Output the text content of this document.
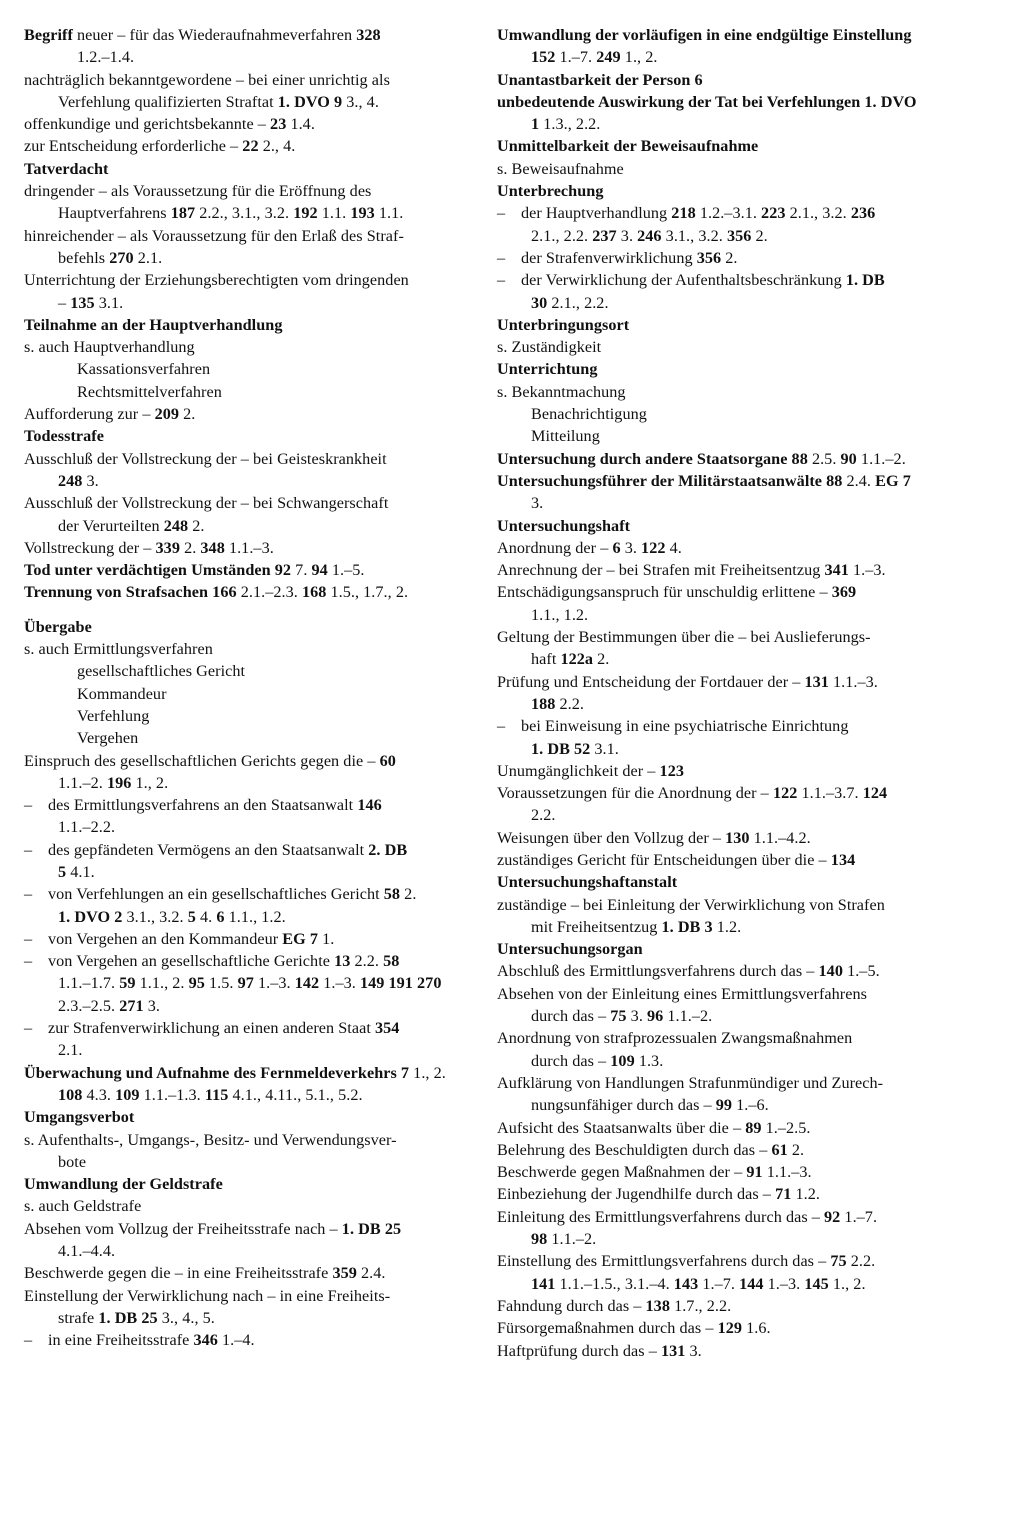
Begriff neuer – für das Wiederaufnahmeverfahren 328
1.2.–1.4.
nachträglich bekanntgewordene – bei einer unrichtig als
Verfehlung qualifizierten Straftat 1. DVO 9 3., 4.
offenkundige und gerichtsbekannte – 23 1.4.
zur Entscheidung erforderliche – 22 2., 4.
Tatverdacht
dringender – als Voraussetzung für die Eröffnung des
Hauptverfahrens 187 2.2., 3.1., 3.2. 192 1.1. 193 1.1.
hinreichender – als Voraussetzung für den Erlaß des Straf-
befehls 270 2.1.
Unterrichtung der Erziehungsberechtigten vom dringenden
– 135 3.1.
Teilnahme an der Hauptverhandlung
s. auch Hauptverhandlung
Kassationsverfahren
Rechtsmittelverfahren
Aufforderung zur – 209 2.
Todesstrafe
Ausschluß der Vollstreckung der – bei Geisteskrankheit
248 3.
Ausschluß der Vollstreckung der – bei Schwangerschaft
der Verurteilten 248 2.
Vollstreckung der – 339 2. 348 1.1.–3.
Tod unter verdächtigen Umständen 92 7. 94 1.–5.
Trennung von Strafsachen 166 2.1.–2.3. 168 1.5., 1.7., 2.
Übergabe
s. auch Ermittlungsverfahren
gesellschaftliches Gericht
Kommandeur
Verfehlung
Vergehen
Einspruch des gesellschaftlichen Gerichts gegen die – 60
1.1.–2. 196 1., 2.
– des Ermittlungsverfahrens an den Staatsanwalt 146
1.1.–2.2.
– des gepfändeten Vermögens an den Staatsanwalt 2. DB
5 4.1.
– von Verfehlungen an ein gesellschaftliches Gericht 58 2.
1. DVO 2 3.1., 3.2. 5 4. 6 1.1., 1.2.
– von Vergehen an den Kommandeur EG 7 1.
– von Vergehen an gesellschaftliche Gerichte 13 2.2. 58
1.1.–1.7. 59 1.1., 2. 95 1.5. 97 1.–3. 142 1.–3. 149 191 270
2.3.–2.5. 271 3.
– zur Strafenverwirklichung an einen anderen Staat 354
2.1.
Überwachung und Aufnahme des Fernmeldeverkehrs 7 1., 2.
108 4.3. 109 1.1.–1.3. 115 4.1., 4.11., 5.1., 5.2.
Umgangsverbot
s. Aufenthalts-, Umgangs-, Besitz- und Verwendungsver-
bote
Umwandlung der Geldstrafe
s. auch Geldstrafe
Absehen vom Vollzug der Freiheitsstrafe nach – 1. DB 25
4.1.–4.4.
Beschwerde gegen die – in eine Freiheitsstrafe 359 2.4.
Einstellung der Verwirklichung nach – in eine Freiheits-
strafe 1. DB 25 3., 4., 5.
– in eine Freiheitsstrafe 346 1.–4.
Umwandlung der vorläufigen in eine endgültige Einstellung
152 1.–7. 249 1., 2.
Unantastbarkeit der Person 6
unbedeutende Auswirkung der Tat bei Verfehlungen 1. DVO
1 1.3., 2.2.
Unmittelbarkeit der Beweisaufnahme
s. Beweisaufnahme
Unterbrechung
– der Hauptverhandlung 218 1.2.–3.1. 223 2.1., 3.2. 236
2.1., 2.2. 237 3. 246 3.1., 3.2. 356 2.
– der Strafenverwirklichung 356 2.
– der Verwirklichung der Aufenthaltsbeschränkung 1. DB
30 2.1., 2.2.
Unterbringungsort
s. Zuständigkeit
Unterrichtung
s. Bekanntmachung
Benachrichtigung
Mitteilung
Untersuchung durch andere Staatsorgane 88 2.5. 90 1.1.–2.
Untersuchungsführer der Militärstaatsanwälte 88 2.4. EG 7
3.
Untersuchungshaft
Anordnung der – 6 3. 122 4.
Anrechnung der – bei Strafen mit Freiheitsentzug 341 1.–3.
Entschädigungsanspruch für unschuldig erlittene – 369
1.1., 1.2.
Geltung der Bestimmungen über die – bei Auslieferungs-
haft 122a 2.
Prüfung und Entscheidung der Fortdauer der – 131 1.1.–3.
188 2.2.
– bei Einweisung in eine psychiatrische Einrichtung
1. DB 52 3.1.
Unumgänglichkeit der – 123
Voraussetzungen für die Anordnung der – 122 1.1.–3.7. 124
2.2.
Weisungen über den Vollzug der – 130 1.1.–4.2.
zuständiges Gericht für Entscheidungen über die – 134
Untersuchungshaftanstalt
zuständige – bei Einleitung der Verwirklichung von Strafen
mit Freiheitsentzug 1. DB 3 1.2.
Untersuchungsorgan
Abschluß des Ermittlungsverfahrens durch das – 140 1.–5.
Absehen von der Einleitung eines Ermittlungsverfahrens
durch das – 75 3. 96 1.1.–2.
Anordnung von strafprozessualen Zwangsmaßnahmen
durch das – 109 1.3.
Aufklärung von Handlungen Strafunmündiger und Zurech-
nungsunfähiger durch das – 99 1.–6.
Aufsicht des Staatsanwalts über die – 89 1.–2.5.
Belehrung des Beschuldigten durch das – 61 2.
Beschwerde gegen Maßnahmen der – 91 1.1.–3.
Einbeziehung der Jugendhilfe durch das – 71 1.2.
Einleitung des Ermittlungsverfahrens durch das – 92 1.–7.
98 1.1.–2.
Einstellung des Ermittlungsverfahrens durch das – 75 2.2.
141 1.1.–1.5., 3.1.–4. 143 1.–7. 144 1.–3. 145 1., 2.
Fahndung durch das – 138 1.7., 2.2.
Fürsorgemaßnahmen durch das – 129 1.6.
Haftprüfung durch das – 131 3.
